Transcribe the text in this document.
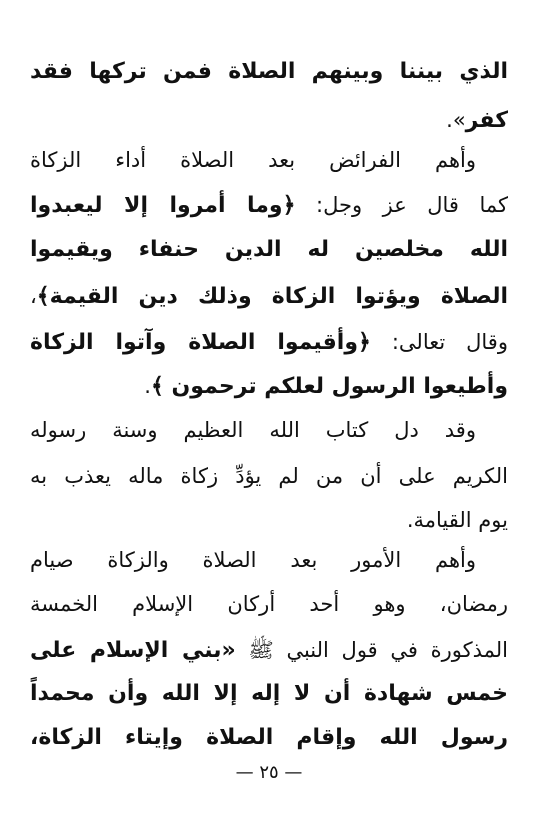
الذي بيننا وبينهم الصلاة فمن تركها فقد
كفر».
وأهم الفرائض بعد الصلاة أداء الزكاة
كما قال عز وجل: ﴿وما أمروا إلا ليعبدوا
الله مخلصين له الدين حنفاء ويقيموا
الصلاة ويؤتوا الزكاة وذلك دين القيمة﴾،
وقال تعالى: ﴿وأقيموا الصلاة وآتوا الزكاة
وأطيعوا الرسول لعلكم ترحمون ﴾.
وقد دل كتاب الله العظيم وسنة رسوله
الكريم على أن من لم يؤدِّ زكاة ماله يعذب به
يوم القيامة.
وأهم الأمور بعد الصلاة والزكاة صيام
رمضان، وهو أحد أركان الإسلام الخمسة
المذكورة في قول النبي ﷺ «بني الإسلام على
خمس شهادة أن لا إله إلا الله وأن محمداً
رسول الله وإقام الصلاة وإيتاء الزكاة،
— ٢٥ —
